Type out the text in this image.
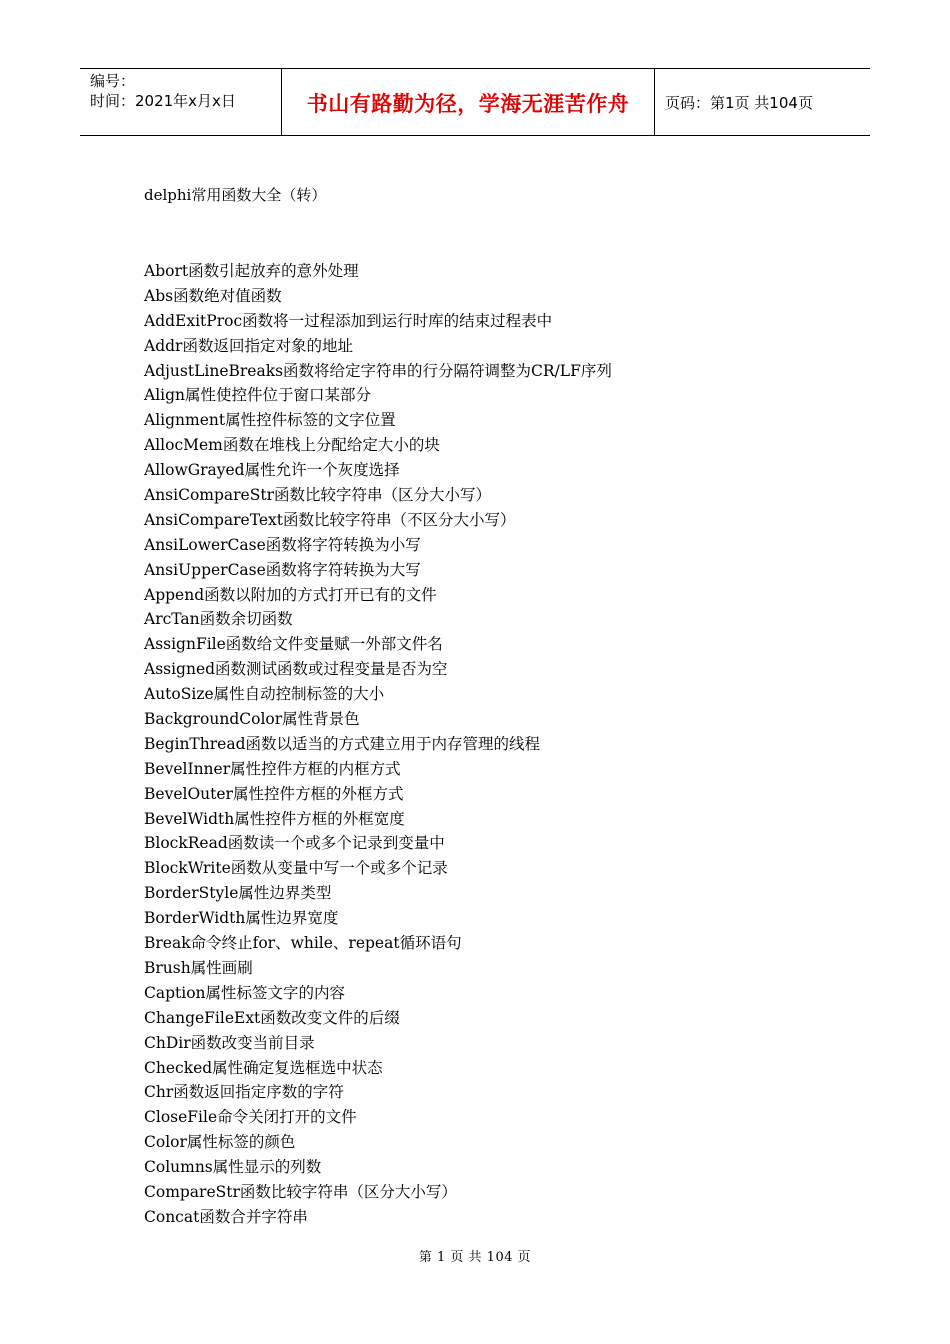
编号：
时间：2021年x月x日	书山有路勤为径，学海无涯苦作舟	页码：第1页 共104页
delphi常用函数大全（转）
Abort函数引起放弃的意外处理
Abs函数绝对值函数
AddExitProc函数将一过程添加到运行时库的结束过程表中
Addr函数返回指定对象的地址
AdjustLineBreaks函数将给定字符串的行分隔符调整为CR/LF序列
Align属性使控件位于窗口某部分
Alignment属性控件标签的文字位置
AllocMem函数在堆栈上分配给定大小的块
AllowGrayed属性允许一个灰度选择
AnsiCompareStr函数比较字符串（区分大小写）
AnsiCompareText函数比较字符串（不区分大小写）
AnsiLowerCase函数将字符转换为小写
AnsiUpperCase函数将字符转换为大写
Append函数以附加的方式打开已有的文件
ArcTan函数余切函数
AssignFile函数给文件变量赋一外部文件名
Assigned函数测试函数或过程变量是否为空
AutoSize属性自动控制标签的大小
BackgroundColor属性背景色
BeginThread函数以适当的方式建立用于内存管理的线程
BevelInner属性控件方框的内框方式
BevelOuter属性控件方框的外框方式
BevelWidth属性控件方框的外框宽度
BlockRead函数读一个或多个记录到变量中
BlockWrite函数从变量中写一个或多个记录
BorderStyle属性边界类型
BorderWidth属性边界宽度
Break命令终止for、while、repeat循环语句
Brush属性画刷
Caption属性标签文字的内容
ChangeFileExt函数改变文件的后缀
ChDir函数改变当前目录
Checked属性确定复选框选中状态
Chr函数返回指定序数的字符
CloseFile命令关闭打开的文件
Color属性标签的颜色
Columns属性显示的列数
CompareStr函数比较字符串（区分大小写）
Concat函数合并字符串
第 1 页 共 104 页
